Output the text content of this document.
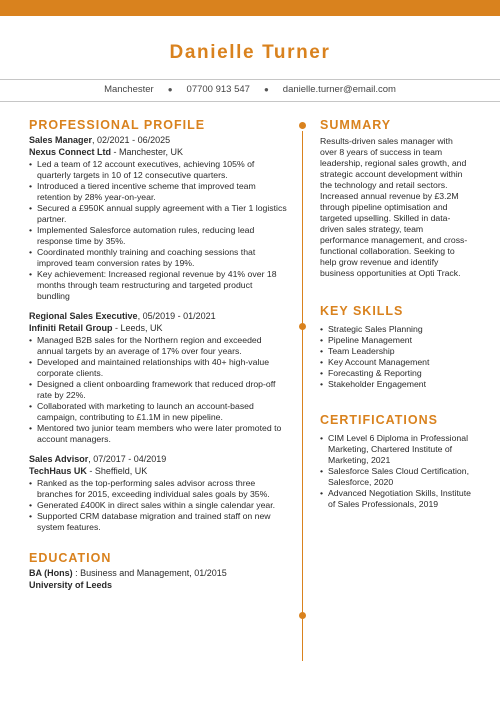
Danielle Turner
Manchester ● 07700 913 547 ● danielle.turner@email.com
PROFESSIONAL PROFILE
Sales Manager, 02/2021 - 06/2025
Nexus Connect Ltd - Manchester, UK
• Led a team of 12 account executives, achieving 105% of quarterly targets in 10 of 12 consecutive quarters.
• Introduced a tiered incentive scheme that improved team retention by 28% year-on-year.
• Secured a £950K annual supply agreement with a Tier 1 logistics partner.
• Implemented Salesforce automation rules, reducing lead response time by 35%.
• Coordinated monthly training and coaching sessions that improved team conversion rates by 19%.
• Key achievement: Increased regional revenue by 41% over 18 months through team restructuring and targeted product bundling
Regional Sales Executive, 05/2019 - 01/2021
Infiniti Retail Group - Leeds, UK
• Managed B2B sales for the Northern region and exceeded annual targets by an average of 17% over four years.
• Developed and maintained relationships with 40+ high-value corporate clients.
• Designed a client onboarding framework that reduced drop-off rate by 22%.
• Collaborated with marketing to launch an account-based campaign, contributing to £1.1M in new pipeline.
• Mentored two junior team members who were later promoted to account managers.
Sales Advisor, 07/2017 - 04/2019
TechHaus UK - Sheffield, UK
• Ranked as the top-performing sales advisor across three branches for 2015, exceeding individual sales goals by 35%.
• Generated £400K in direct sales within a single calendar year.
• Supported CRM database migration and trained staff on new system features.
EDUCATION
BA (Hons) : Business and Management, 01/2015
University of Leeds
SUMMARY
Results-driven sales manager with over 8 years of success in team leadership, regional sales growth, and strategic account development within the technology and retail sectors. Increased annual revenue by £3.2M through pipeline optimisation and targeted upselling. Skilled in data-driven sales strategy, team performance management, and cross-functional collaboration. Seeking to help grow revenue and identify business opportunities at Opti Track.
KEY SKILLS
• Strategic Sales Planning
• Pipeline Management
• Team Leadership
• Key Account Management
• Forecasting & Reporting
• Stakeholder Engagement
CERTIFICATIONS
• CIM Level 6 Diploma in Professional Marketing, Chartered Institute of Marketing, 2021
• Salesforce Sales Cloud Certification, Salesforce, 2020
• Advanced Negotiation Skills, Institute of Sales Professionals, 2019
